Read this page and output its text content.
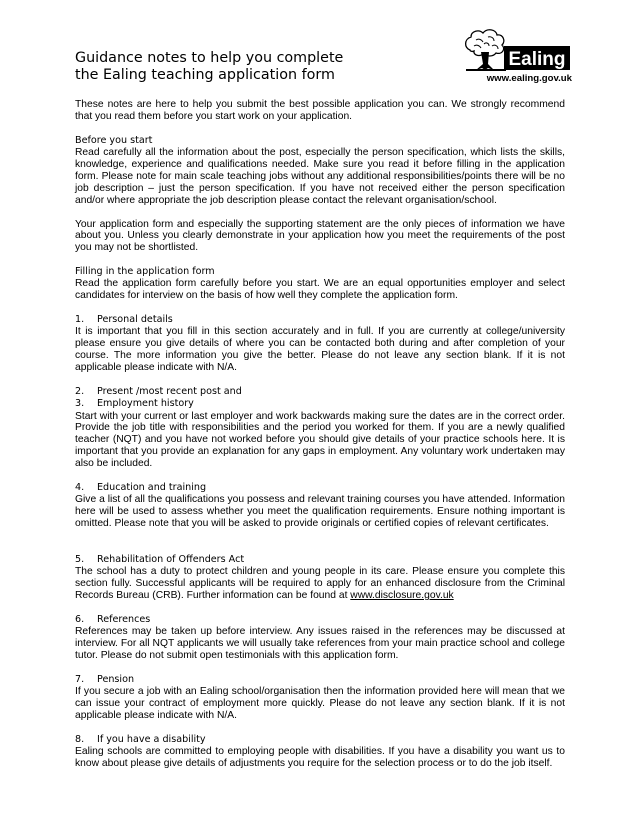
Guidance notes to help you complete
the Ealing teaching application form
Ealing
www.ealing.gov.uk

These notes are here to help you submit the best possible application you can. We strongly recommend that you read them before you start work on your application.

Before you start

Read carefully all the information about the post, especially the person specification, which lists the skills, knowledge, experience and qualifications needed. Make sure you read it before filling in the application form. Please note for main scale teaching jobs without any additional responsibilities/points there will be no job description – just the person specification. If you have not received either the person specification and/or where appropriate the job description please contact the relevant organisation/school.

Your application form and especially the supporting statement are the only pieces of information we have about you. Unless you clearly demonstrate in your application how you meet the requirements of the post you may not be shortlisted.

Filling in the application form

Read the application form carefully before you start. We are an equal opportunities employer and select candidates for interview on the basis of how well they complete the application form.

1. Personal details

It is important that you fill in this section accurately and in full. If you are currently at college/university please ensure you give details of where you can be contacted both during and after completion of your course. The more information you give the better. Please do not leave any section blank. If it is not applicable please indicate with N/A.

2. Present /most recent post and
3. Employment history

Start with your current or last employer and work backwards making sure the dates are in the correct order. Provide the job title with responsibilities and the period you worked for them. If you are a newly qualified teacher (NQT) and you have not worked before you should give details of your practice schools here. It is important that you provide an explanation for any gaps in employment. Any voluntary work undertaken may also be included.

4. Education and training

Give a list of all the qualifications you possess and relevant training courses you have attended. Information here will be used to assess whether you meet the qualification requirements. Ensure nothing important is omitted. Please note that you will be asked to provide originals or certified copies of relevant certificates.

5. Rehabilitation of Offenders Act

The school has a duty to protect children and young people in its care. Please ensure you complete this section fully. Successful applicants will be required to apply for an enhanced disclosure from the Criminal Records Bureau (CRB). Further information can be found at www.disclosure.gov.uk

6. References

References may be taken up before interview. Any issues raised in the references may be discussed at interview. For all NQT applicants we will usually take references from your main practice school and college tutor. Please do not submit open testimonials with this application form.

7. Pension

If you secure a job with an Ealing school/organisation then the information provided here will mean that we can issue your contract of employment more quickly. Please do not leave any section blank. If it is not applicable please indicate with N/A.

8. If you have a disability

Ealing schools are committed to employing people with disabilities. If you have a disability you want us to know about please give details of adjustments you require for the selection process or to do the job itself.
